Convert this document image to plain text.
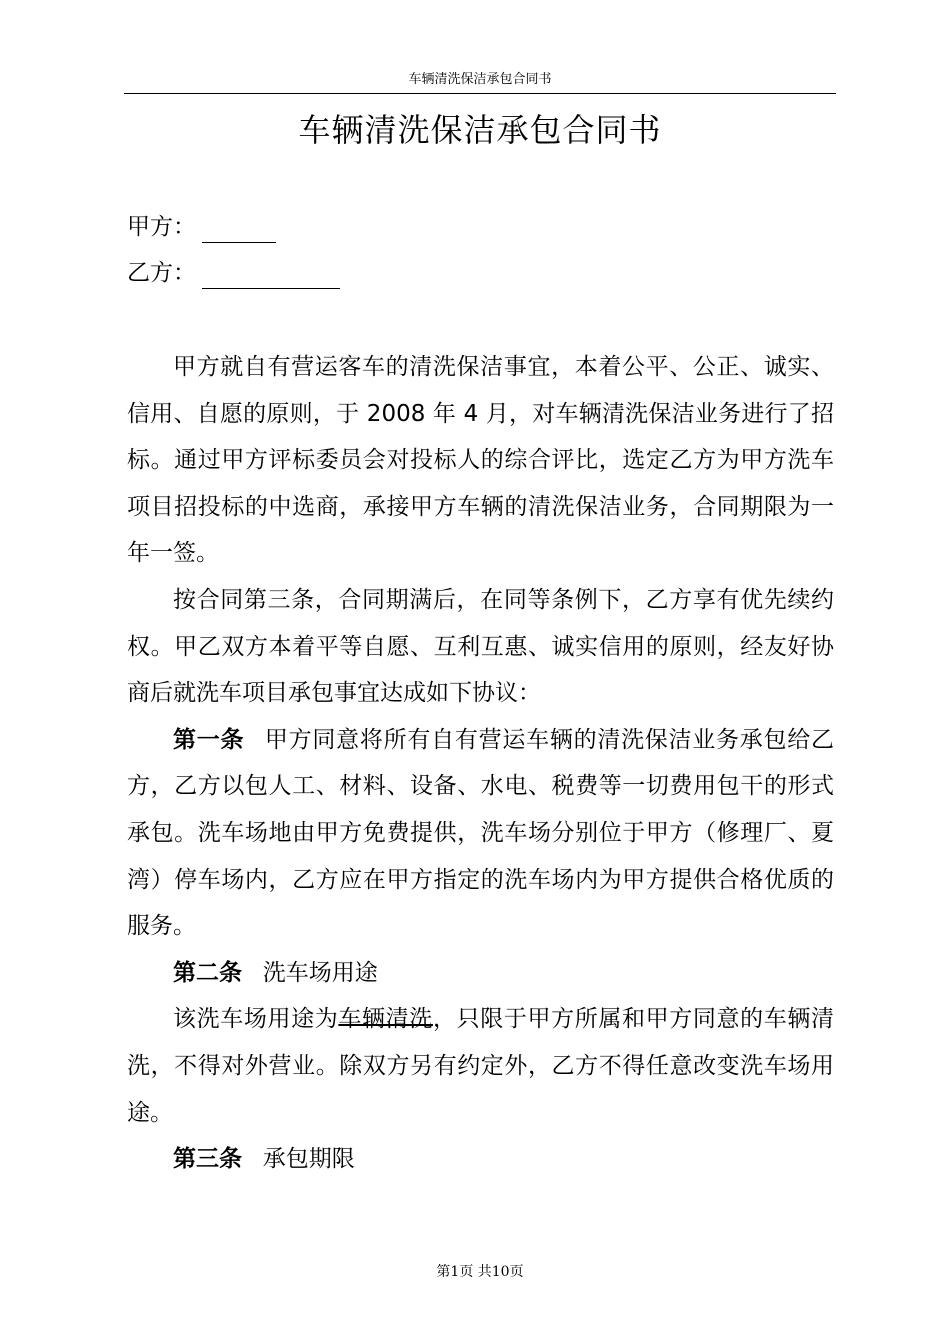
车辆清洗保洁承包合同书
车辆清洗保洁承包合同书
甲方：
乙方：

甲方就自有营运客车的清洗保洁事宜，本着公平、公正、诚实、信用、自愿的原则，于 2008 年 4 月，对车辆清洗保洁业务进行了招标。通过甲方评标委员会对投标人的综合评比，选定乙方为甲方洗车项目招投标的中选商，承接甲方车辆的清洗保洁业务，合同期限为一年一签。

按合同第三条，合同期满后，在同等条例下，乙方享有优先续约权。甲乙双方本着平等自愿、互利互惠、诚实信用的原则，经友好协商后就洗车项目承包事宜达成如下协议：

第一条 甲方同意将所有自有营运车辆的清洗保洁业务承包给乙方，乙方以包人工、材料、设备、水电、税费等一切费用包干的形式承包。洗车场地由甲方免费提供，洗车场分别位于甲方（修理厂、夏湾）停车场内，乙方应在甲方指定的洗车场内为甲方提供合格优质的服务。

第二条 洗车场用途

该洗车场用途为车辆清洗，只限于甲方所属和甲方同意的车辆清洗，不得对外营业。除双方另有约定外，乙方不得任意改变洗车场用途。

第三条 承包期限

第1页 共10页
